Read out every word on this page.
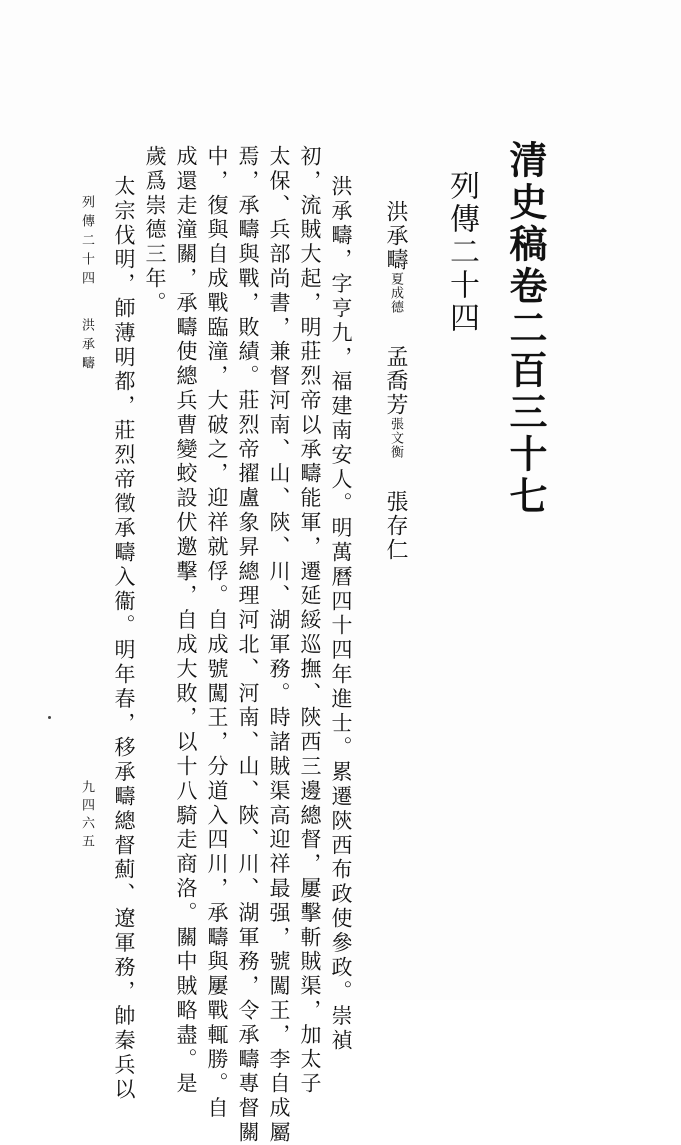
清史稿卷二百三十七
列傳二十四
洪承疇夏成德
孟喬芳張文衡
張存仁
洪承疇，字亨九，福建南安人。明萬曆四十四年進士。累遷陝西布政使參政。崇禎
初，流賊大起，明莊烈帝以承疇能軍，遷延綏巡撫、陝西三邊總督，屢擊斬賊渠，加太子
太保、兵部尚書，兼督河南、山、陝、川、湖軍務。時諸賊渠高迎祥最强，號闖王，李自成屬
焉，承疇與戰，敗績。莊烈帝擢盧象昇總理河北、河南、山、陝、川、湖軍務，令承疇專督關
中，復與自成戰臨潼，大破之，迎祥就俘。自成號闖王，分道入四川，承疇與屢戰輒勝。自
成還走潼關，承疇使總兵曹變蛟設伏邀擊，自成大敗，以十八騎走商洛。關中賊略盡。是
歲爲崇德三年。
太宗伐明，師薄明都，莊烈帝徵承疇入衞。明年春，移承疇總督薊、遼軍務，帥秦兵以
列傳二十四洪承疇
九四六五
